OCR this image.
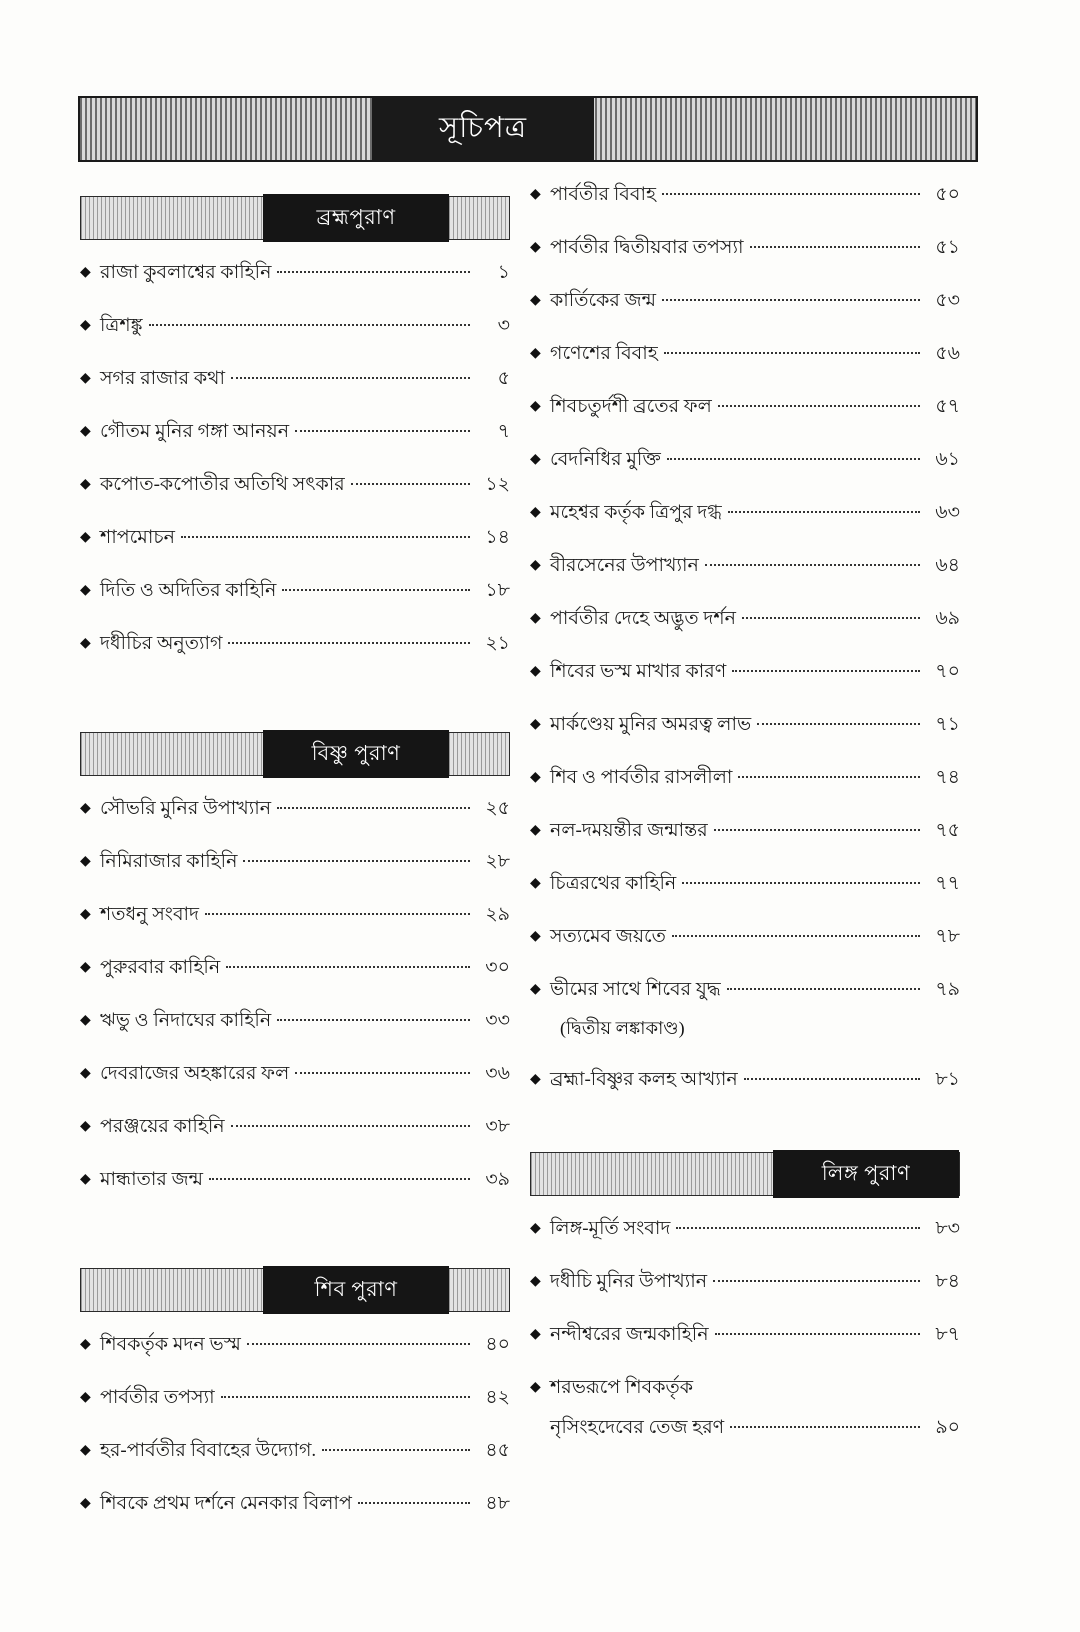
সূচিপত্র
ব্রহ্মপুরাণ
◆ রাজা কুবলাশ্বের কাহিনি	১
◆ ত্রিশঙ্কু	৩
◆ সগর রাজার কথা	৫
◆ গৌতম মুনির গঙ্গা আনয়ন	৭
◆ কপোত-কপোতীর অতিথি সৎকার	১২
◆ শাপমোচন	১৪
◆ দিতি ও অদিতির কাহিনি	১৮
◆ দধীচির অনুত্যাগ	২১
বিষ্ণু পুরাণ
◆ সৌভরি মুনির উপাখ্যান	২৫
◆ নিমিরাজার কাহিনি	২৮
◆ শতধনু সংবাদ	২৯
◆ পুরুরবার কাহিনি	৩০
◆ ঋভু ও নিদাঘের কাহিনি	৩৩
◆ দেবরাজের অহঙ্কারের ফল	৩৬
◆ পরঞ্জয়ের কাহিনি	৩৮
◆ মান্ধাতার জন্ম	৩৯
শিব পুরাণ
◆ শিবকর্তৃক মদন ভস্ম	৪০
◆ পার্বতীর তপস্যা	৪২
◆ হর-পার্বতীর বিবাহের উদ্যোগ.	৪৫
◆ শিবকে প্রথম দর্শনে মেনকার বিলাপ	৪৮
◆ পার্বতীর বিবাহ	৫০
◆ পার্বতীর দ্বিতীয়বার তপস্যা	৫১
◆ কার্তিকের জন্ম	৫৩
◆ গণেশের বিবাহ	৫৬
◆ শিবচতুর্দশী ব্রতের ফল	৫৭
◆ বেদনিধির মুক্তি	৬১
◆ মহেশ্বর কর্তৃক ত্রিপুর দগ্ধ	৬৩
◆ বীরসেনের উপাখ্যান	৬৪
◆ পার্বতীর দেহে অদ্ভুত দর্শন	৬৯
◆ শিবের ভস্ম মাখার কারণ	৭০
◆ মার্কণ্ডেয় মুনির অমরত্ব লাভ	৭১
◆ শিব ও পার্বতীর রাসলীলা	৭৪
◆ নল-দময়ন্তীর জন্মান্তর	৭৫
◆ চিত্ররথের কাহিনি	৭৭
◆ সত্যমেব জয়তে	৭৮
◆ ভীমের সাথে শিবের যুদ্ধ	৭৯
(দ্বিতীয় লঙ্কাকাণ্ড)
◆ ব্রহ্মা-বিষ্ণুর কলহ আখ্যান	৮১
লিঙ্গ পুরাণ
◆ লিঙ্গ-মূর্তি সংবাদ	৮৩
◆ দধীচি মুনির উপাখ্যান	৮৪
◆ নন্দীশ্বরের জন্মকাহিনি	৮৭
◆ শরভরূপে শিবকর্তৃক
নৃসিংহদেবের তেজ হরণ	৯০
